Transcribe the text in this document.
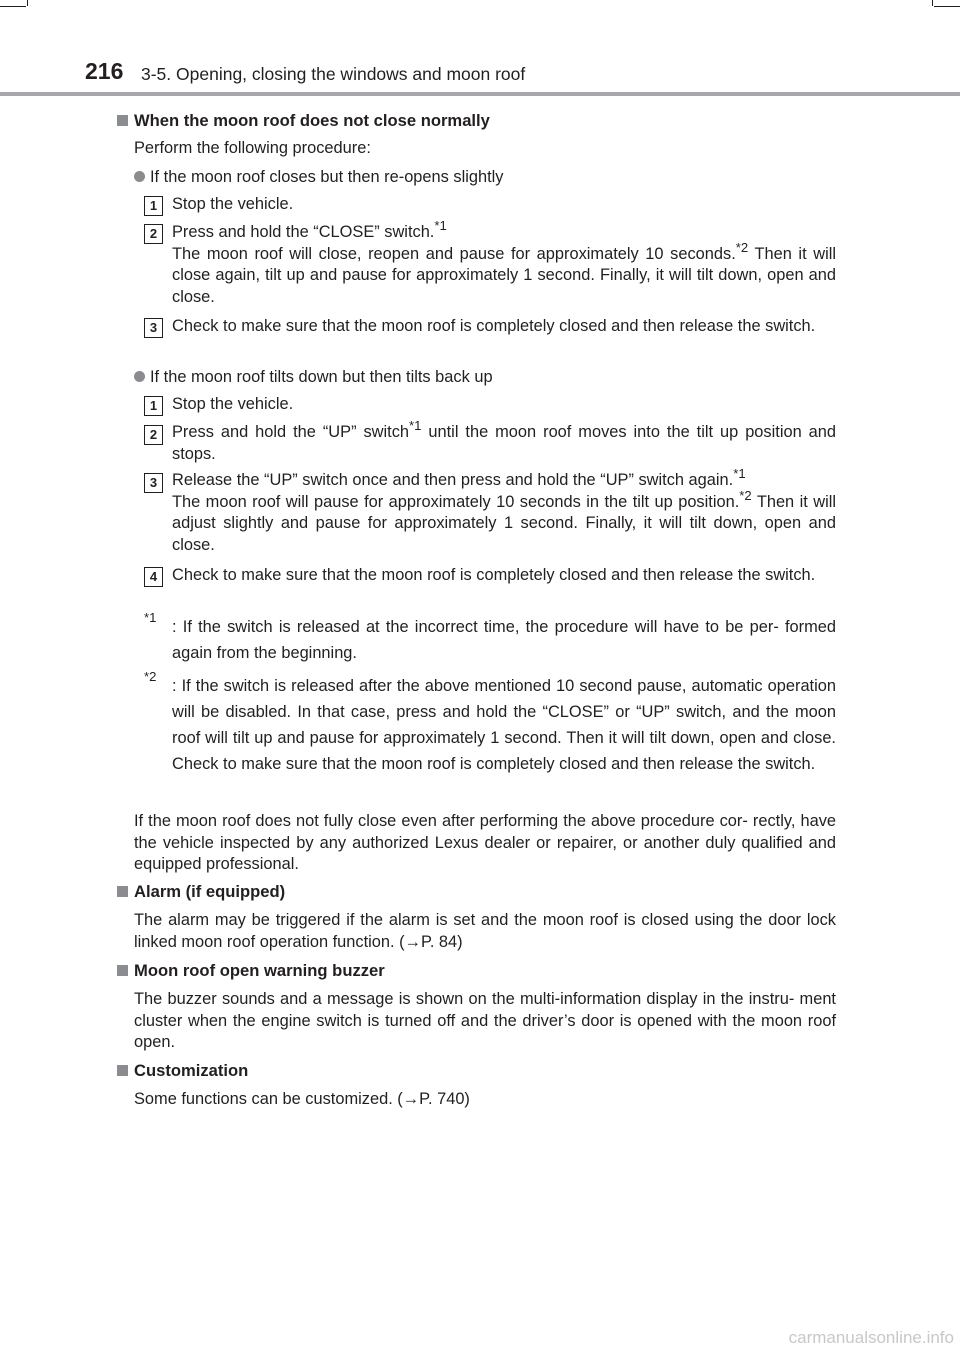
216 3-5. Opening, closing the windows and moon roof
When the moon roof does not close normally
Perform the following procedure:
If the moon roof closes but then re-opens slightly
1 Stop the vehicle.
2 Press and hold the “CLOSE” switch.$^{*1}$
The moon roof will close, reopen and pause for approximately 10 seconds.$^{*2}$ Then it will close again, tilt up and pause for approximately 1 second. Finally, it will tilt down, open and close.
3 Check to make sure that the moon roof is completely closed and then release the switch.
If the moon roof tilts down but then tilts back up
1 Stop the vehicle.
2 Press and hold the “UP” switch$^{*1}$ until the moon roof moves into the tilt up position and stops.
3 Release the “UP” switch once and then press and hold the “UP” switch again.$^{*1}$
The moon roof will pause for approximately 10 seconds in the tilt up position.$^{*2}$ Then it will adjust slightly and pause for approximately 1 second. Finally, it will tilt down, open and close.
4 Check to make sure that the moon roof is completely closed and then release the switch.
$^{*1}$
: If the switch is released at the incorrect time, the procedure will have to be per- formed again from the beginning.
$^{*2}$
: If the switch is released after the above mentioned 10 second pause, automatic operation will be disabled. In that case, press and hold the “CLOSE” or “UP” switch, and the moon roof will tilt up and pause for approximately 1 second. Then it will tilt down, open and close. Check to make sure that the moon roof is completely closed and then release the switch.
If the moon roof does not fully close even after performing the above procedure cor- rectly, have the vehicle inspected by any authorized Lexus dealer or repairer, or another duly qualified and equipped professional.
Alarm (if equipped)
The alarm may be triggered if the alarm is set and the moon roof is closed using the door lock linked moon roof operation function. (→P. 84)
Moon roof open warning buzzer
The buzzer sounds and a message is shown on the multi-information display in the instru- ment cluster when the engine switch is turned off and the driver’s door is opened with the moon roof open.
Customization
Some functions can be customized. (→P. 740)
carmanualsonline.info
